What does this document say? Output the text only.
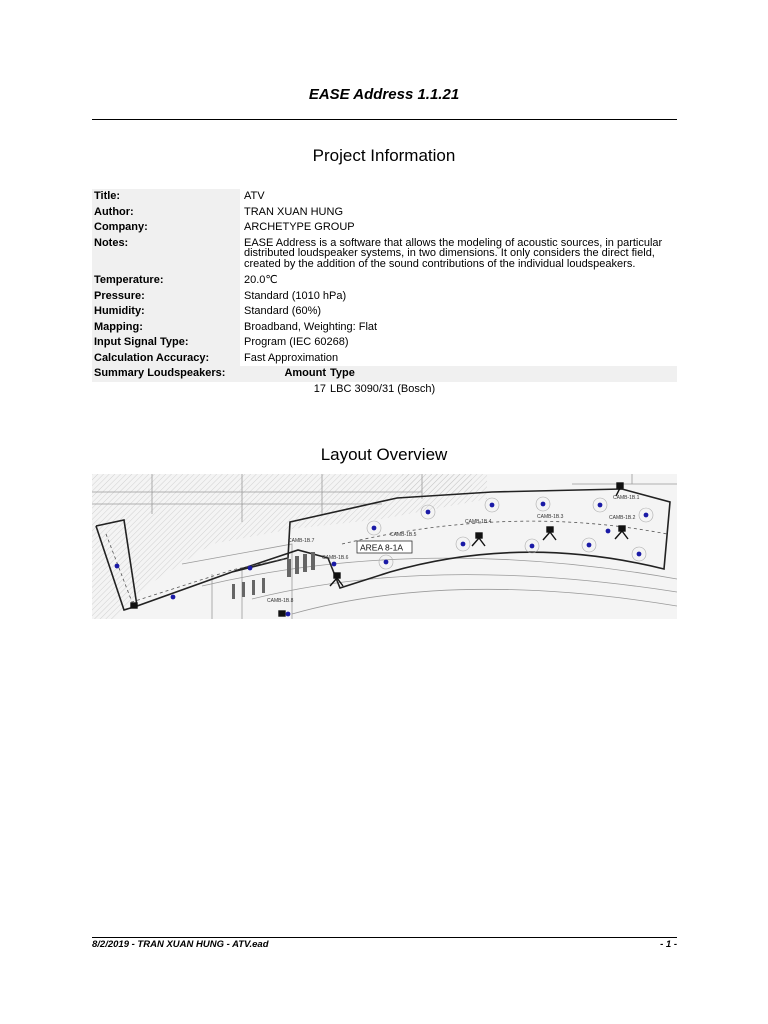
EASE Address 1.1.21
Project Information
Title:	ATV
Author:	TRAN XUAN HUNG
Company:	ARCHETYPE GROUP
Notes:	EASE Address is a software that allows the modeling of acoustic sources, in particular distributed loudspeaker systems, in two dimensions. It only considers the direct field, created by the addition of the sound contributions of the individual loudspeakers.
Temperature:	20.0℃
Pressure:	Standard (1010 hPa)
Humidity:	Standard (60%)
Mapping:	Broadband, Weighting: Flat
Input Signal Type:	Program (IEC 60268)
Calculation Accuracy:	Fast Approximation
Summary Loudspeakers:	Amount Type

	17 LBC 3090/31 (Bosch)
Layout Overview
CAMB-1B.1
CAMB-1B.2
CAMB-1B.3
CAMB-1B.4
CAMB-1B.5
CAMB-1B.6
CAMB-1B.7
CAMB-1B.8
AREA 8-1A
8/2/2019 - TRAN XUAN HUNG - ATV.ead	- 1 -
